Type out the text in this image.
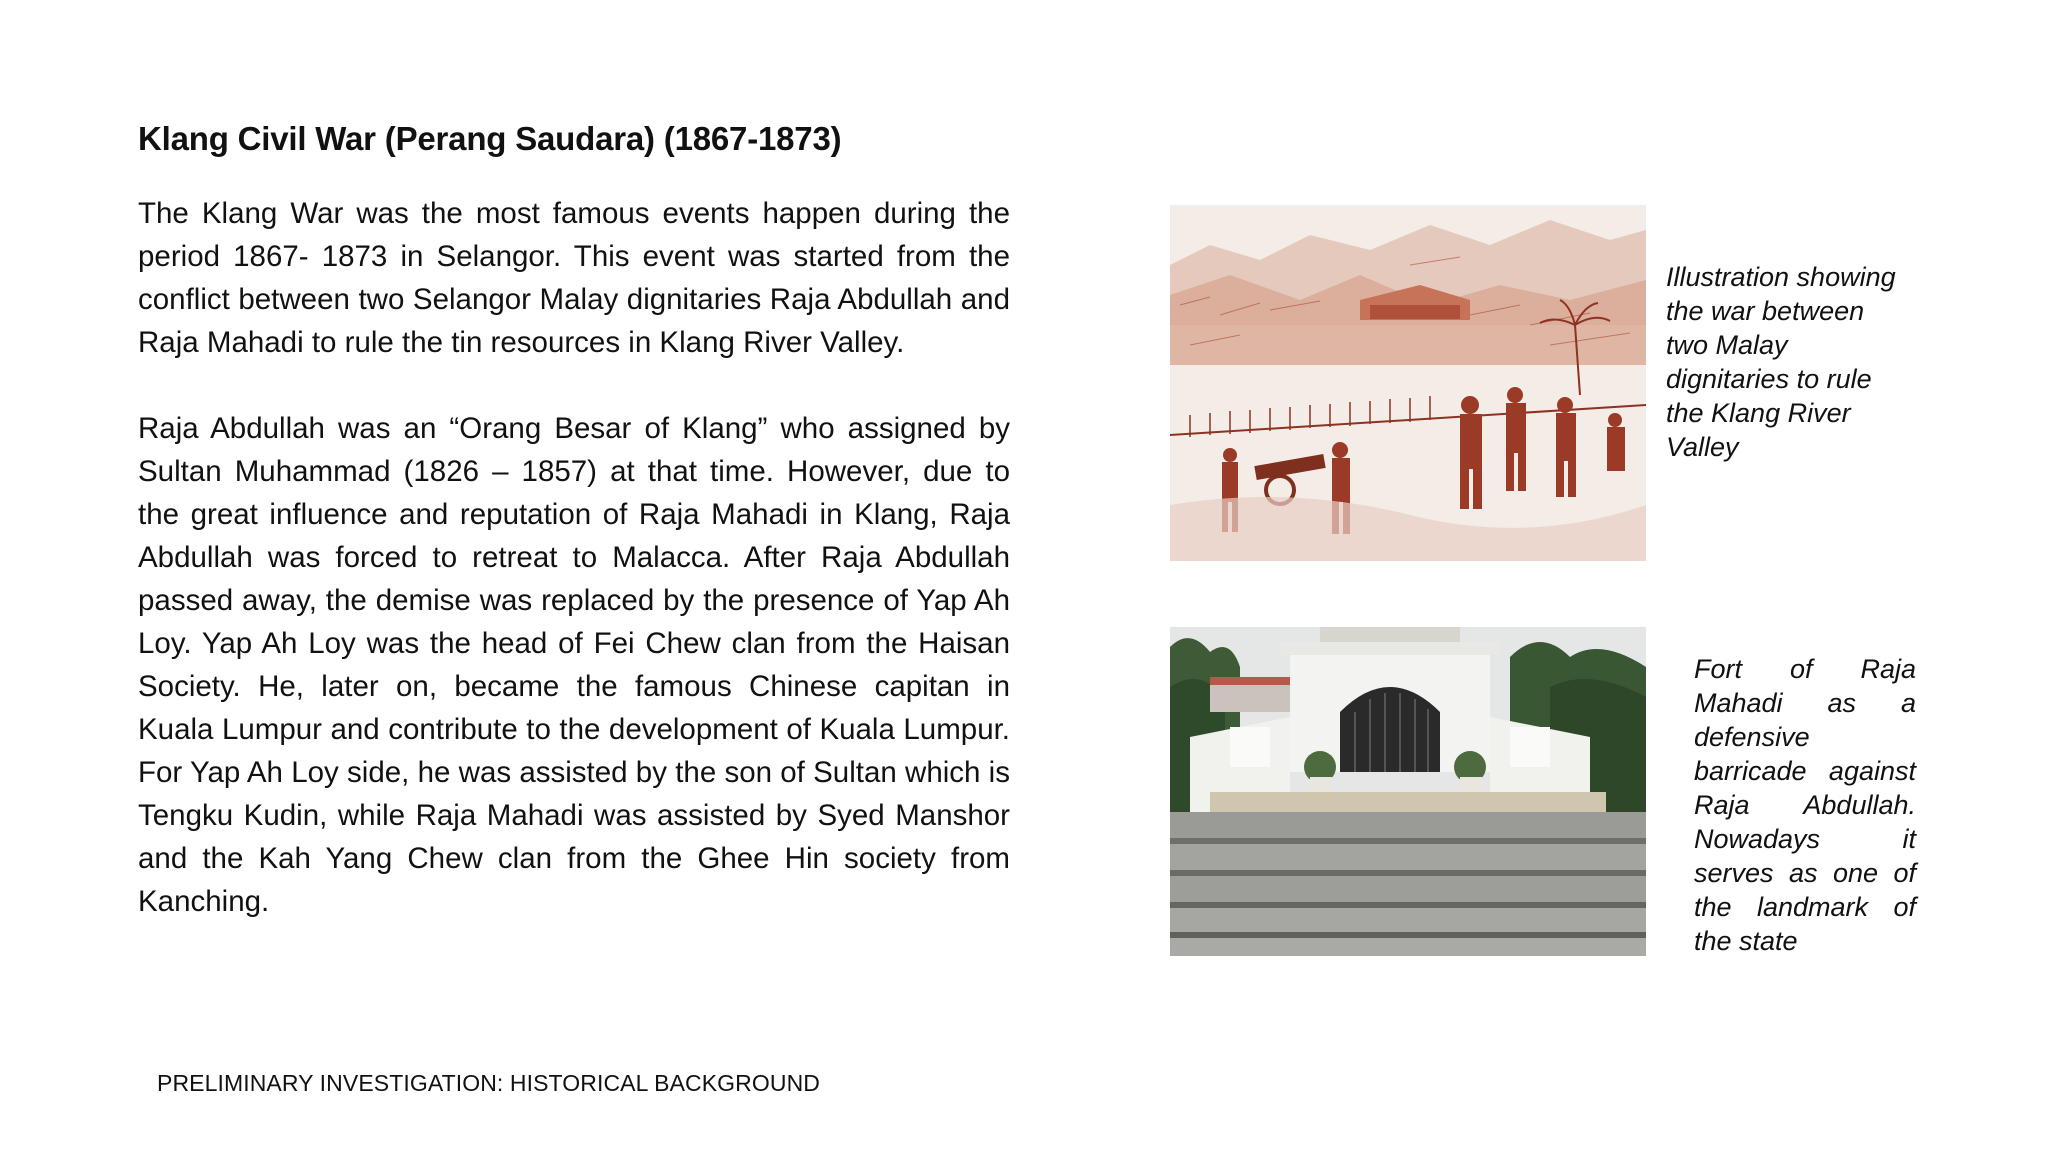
Klang Civil War (Perang Saudara) (1867-1873)

The Klang War was the most famous events happen during the period 1867- 1873 in Selangor. This event was started from the conflict between two Selangor Malay dignitaries Raja Abdullah and Raja Mahadi to rule the tin resources in Klang River Valley.

Raja Abdullah was an “Orang Besar of Klang” who assigned by Sultan Muhammad (1826 – 1857) at that time. However, due to the great influence and reputation of Raja Mahadi in Klang, Raja Abdullah was forced to retreat to Malacca. After Raja Abdullah passed away, the demise was replaced by the presence of Yap Ah Loy. Yap Ah Loy was the head of Fei Chew clan from the Haisan Society. He, later on, became the famous Chinese capitan in Kuala Lumpur and contribute to the development of Kuala Lumpur. For Yap Ah Loy side, he was assisted by the son of Sultan which is Tengku Kudin, while Raja Mahadi was assisted by Syed Manshor and the Kah Yang Chew clan from the Ghee Hin society from Kanching.

Illustration showing the war between two Malay dignitaries to rule the Klang River Valley
Fort of Raja Mahadi as a defensive barricade against Raja Abdullah. Nowadays it serves as one of the landmark of the state
PRELIMINARY INVESTIGATION: HISTORICAL BACKGROUND
